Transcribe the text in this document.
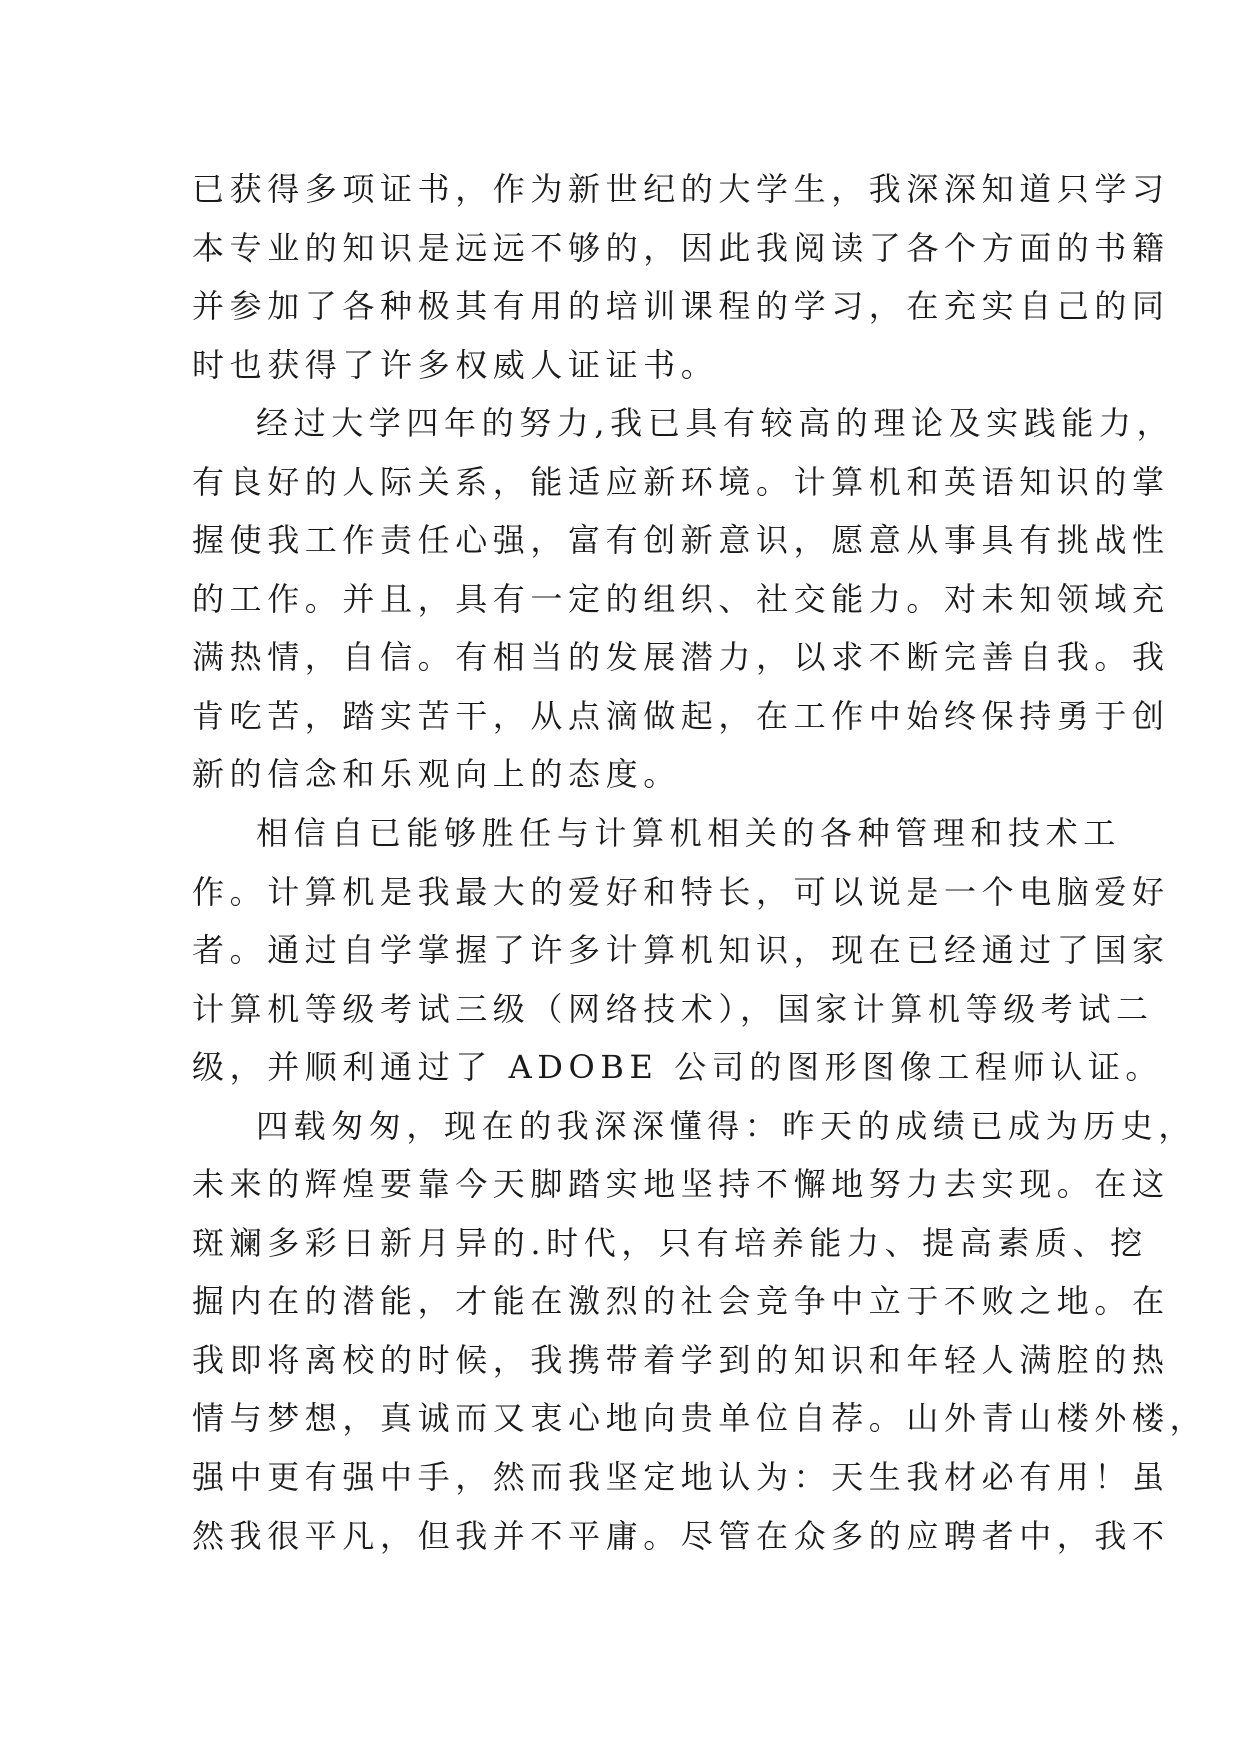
已获得多项证书，作为新世纪的大学生，我深深知道只学习
本专业的知识是远远不够的，因此我阅读了各个方面的书籍
并参加了各种极其有用的培训课程的学习，在充实自己的同
时也获得了许多权威人证证书。
经过大学四年的努力,我已具有较高的理论及实践能力，
有良好的人际关系，能适应新环境。计算机和英语知识的掌
握使我工作责任心强，富有创新意识，愿意从事具有挑战性
的工作。并且，具有一定的组织、社交能力。对未知领域充
满热情，自信。有相当的发展潜力，以求不断完善自我。我
肯吃苦，踏实苦干，从点滴做起，在工作中始终保持勇于创
新的信念和乐观向上的态度。
相信自已能够胜任与计算机相关的各种管理和技术工
作。计算机是我最大的爱好和特长，可以说是一个电脑爱好
者。通过自学掌握了许多计算机知识，现在已经通过了国家
计算机等级考试三级（网络技术），国家计算机等级考试二
级，并顺利通过了 ADOBE 公司的图形图像工程师认证。
四载匆匆，现在的我深深懂得：昨天的成绩已成为历史，
未来的辉煌要靠今天脚踏实地坚持不懈地努力去实现。在这
斑斓多彩日新月异的.时代，只有培养能力、提高素质、挖
掘内在的潜能，才能在激烈的社会竞争中立于不败之地。在
我即将离校的时候，我携带着学到的知识和年轻人满腔的热
情与梦想，真诚而又衷心地向贵单位自荐。山外青山楼外楼，
强中更有强中手，然而我坚定地认为：天生我材必有用！虽
然我很平凡，但我并不平庸。尽管在众多的应聘者中，我不
